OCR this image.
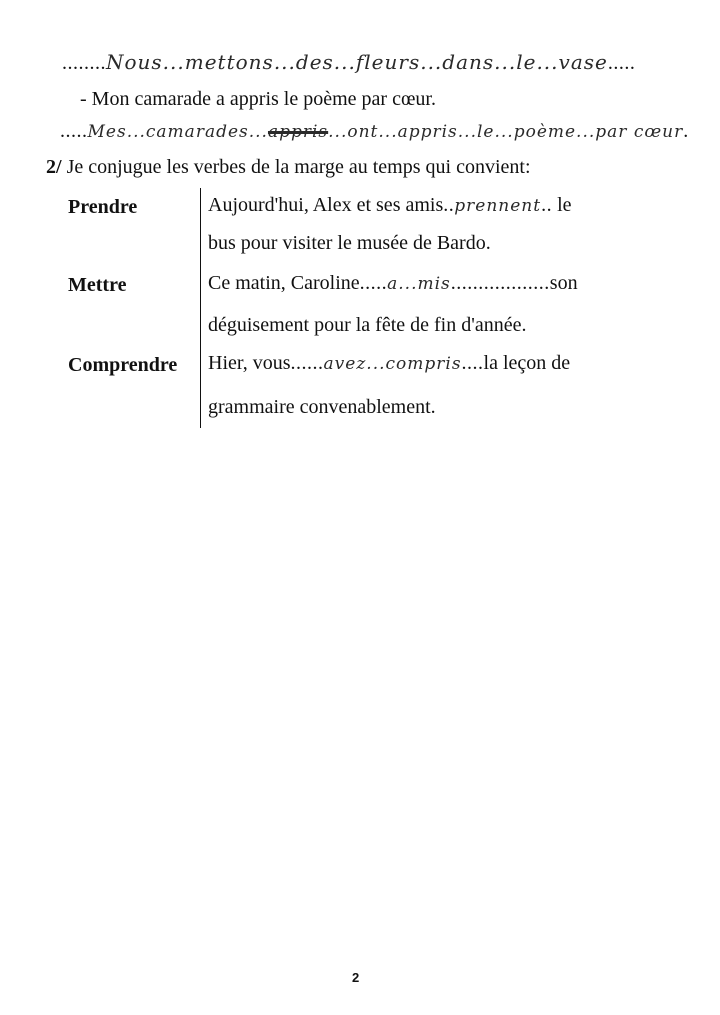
........Nous...mettons...des...fleurs...dans...le...vase.....
- Mon camarade a appris le poème par cœur.
.....Mes...camarades...appris...ont...appris...le...poème...par cœur.
2/ Je conjugue les verbes de la marge au temps qui convient:
Prendre	Aujourd'hui, Alex et ses amis..prennent.. le
bus pour visiter le musée de Bardo.
Mettre	Ce matin, Caroline.....a...mis..................son
déguisement pour la fête de fin d'année.
Comprendre Hier, vous......avez...compris....la leçon de
grammaire convenablement.
2
